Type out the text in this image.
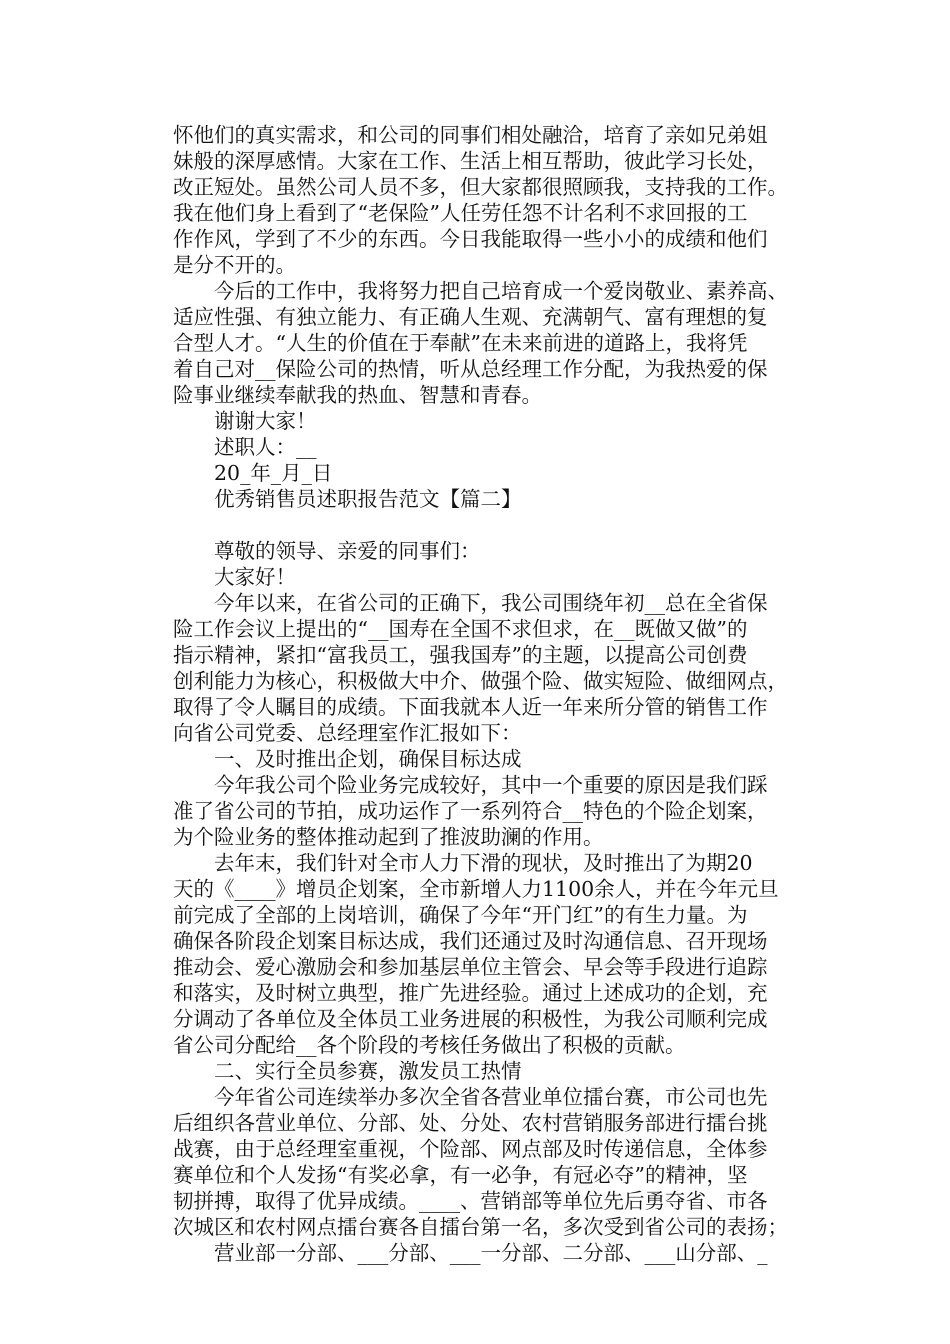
怀他们的真实需求，和公司的同事们相处融洽，培育了亲如兄弟姐
妹般的深厚感情。大家在工作、生活上相互帮助，彼此学习长处，
改正短处。虽然公司人员不多，但大家都很照顾我，支持我的工作。
我在他们身上看到了“老保险”人任劳任怨不计名利不求回报的工
作作风，学到了不少的东西。今日我能取得一些小小的成绩和他们
是分不开的。
　　今后的工作中，我将努力把自己培育成一个爱岗敬业、素养高、
适应性强、有独立能力、有正确人生观、充满朝气、富有理想的复
合型人才。“人生的价值在于奉献”在未来前进的道路上，我将凭
着自己对__保险公司的热情，听从总经理工作分配，为我热爱的保
险事业继续奉献我的热血、智慧和青春。
　　谢谢大家！
　　述职人：__
　　20_年_月_日
　　优秀销售员述职报告范文【篇二】
　　尊敬的领导、亲爱的同事们：
　　大家好！
　　今年以来，在省公司的正确下，我公司围绕年初__总在全省保
险工作会议上提出的“__国寿在全国不求但求，在__既做又做”的
指示精神，紧扣“富我员工，强我国寿”的主题，以提高公司创费
创利能力为核心，积极做大中介、做强个险、做实短险、做细网点，
取得了令人瞩目的成绩。下面我就本人近一年来所分管的销售工作
向省公司党委、总经理室作汇报如下：
　　一、及时推出企划，确保目标达成
　　今年我公司个险业务完成较好，其中一个重要的原因是我们踩
准了省公司的节拍，成功运作了一系列符合__特色的个险企划案，
为个险业务的整体推动起到了推波助澜的作用。
　　去年末，我们针对全市人力下滑的现状，及时推出了为期20
天的《____》增员企划案，全市新增人力1100余人，并在今年元旦
前完成了全部的上岗培训，确保了今年“开门红”的有生力量。为
确保各阶段企划案目标达成，我们还通过及时沟通信息、召开现场
推动会、爱心激励会和参加基层单位主管会、早会等手段进行追踪
和落实，及时树立典型，推广先进经验。通过上述成功的企划，充
分调动了各单位及全体员工业务进展的积极性，为我公司顺利完成
省公司分配给__各个阶段的考核任务做出了积极的贡献。
　　二、实行全员参赛，激发员工热情
　　今年省公司连续举办多次全省各营业单位擂台赛，市公司也先
后组织各营业单位、分部、处、分处、农村营销服务部进行擂台挑
战赛，由于总经理室重视，个险部、网点部及时传递信息，全体参
赛单位和个人发扬“有奖必拿，有一必争，有冠必夺”的精神，坚
韧拼搏，取得了优异成绩。____、营销部等单位先后勇夺省、市各
次城区和农村网点擂台赛各自擂台第一名，多次受到省公司的表扬；
　　营业部一分部、___分部、___一分部、二分部、___山分部、_
